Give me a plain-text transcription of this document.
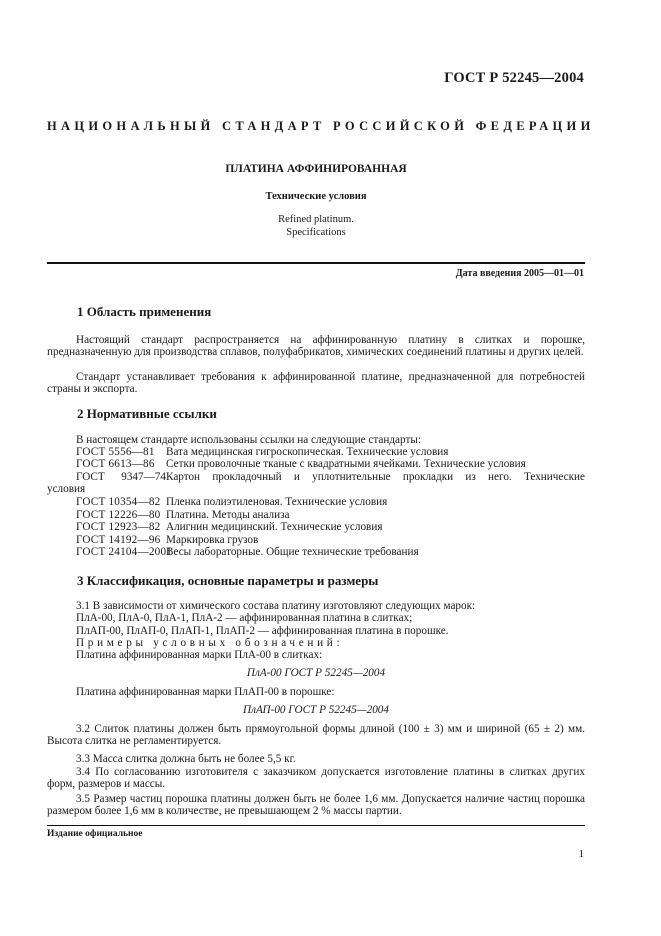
ГОСТ Р 52245—2004
НАЦИОНАЛЬНЫЙ СТАНДАРТ РОССИЙСКОЙ ФЕДЕРАЦИИ
ПЛАТИНА АФФИНИРОВАННАЯ
Технические условия
Refined platinum.
Specifications
Дата введения 2005—01—01
1 Область применения
Настоящий стандарт распространяется на аффинированную платину в слитках и порошке, предназначенную для производства сплавов, полуфабрикатов, химических соединений платины и других целей.
Стандарт устанавливает требования к аффинированной платине, предназначенной для потребностей страны и экспорта.
2 Нормативные ссылки
В настоящем стандарте использованы ссылки на следующие стандарты:
ГОСТ 5556—81 Вата медицинская гигроскопическая. Технические условия
ГОСТ 6613—86 Сетки проволочные тканые с квадратными ячейками. Технические условия
ГОСТ 9347—74Картон прокладочный и уплотнительные прокладки из него. Технические
условия
ГОСТ 10354—82 Пленка полиэтиленовая. Технические условия
ГОСТ 12226—80 Платина. Методы анализа
ГОСТ 12923—82 Алигнин медицинский. Технические условия
ГОСТ 14192—96 Маркировка грузов
ГОСТ 24104—2001Весы лабораторные. Общие технические требования
3 Классификация, основные параметры и размеры
3.1 В зависимости от химического состава платину изготовляют следующих марок:
ПлА-00, ПлА-0, ПлА-1, ПлА-2 — аффинированная платина в слитках;
ПлАП-00, ПлАП-0, ПлАП-1, ПлАП-2 — аффинированная платина в порошке.
Примеры условных обозначений:
Платина аффинированная марки ПлА-00 в слитках:
ПлА-00 ГОСТ Р 52245—2004
Платина аффинированная марки ПлАП-00 в порошке:
ПлАП-00 ГОСТ Р 52245—2004
3.2 Слиток платины должен быть прямоугольной формы длиной (100 ± 3) мм и шириной (65 ± 2) мм. Высота слитка не регламентируется.
3.3 Масса слитка должна быть не более 5,5 кг.
3.4 По согласованию изготовителя с заказчиком допускается изготовление платины в слитках других форм, размеров и массы.
3.5 Размер частиц порошка платины должен быть не более 1,6 мм. Допускается наличие частиц порошка размером более 1,6 мм в количестве, не превышающем 2 % массы партии.
Издание официальное
1
